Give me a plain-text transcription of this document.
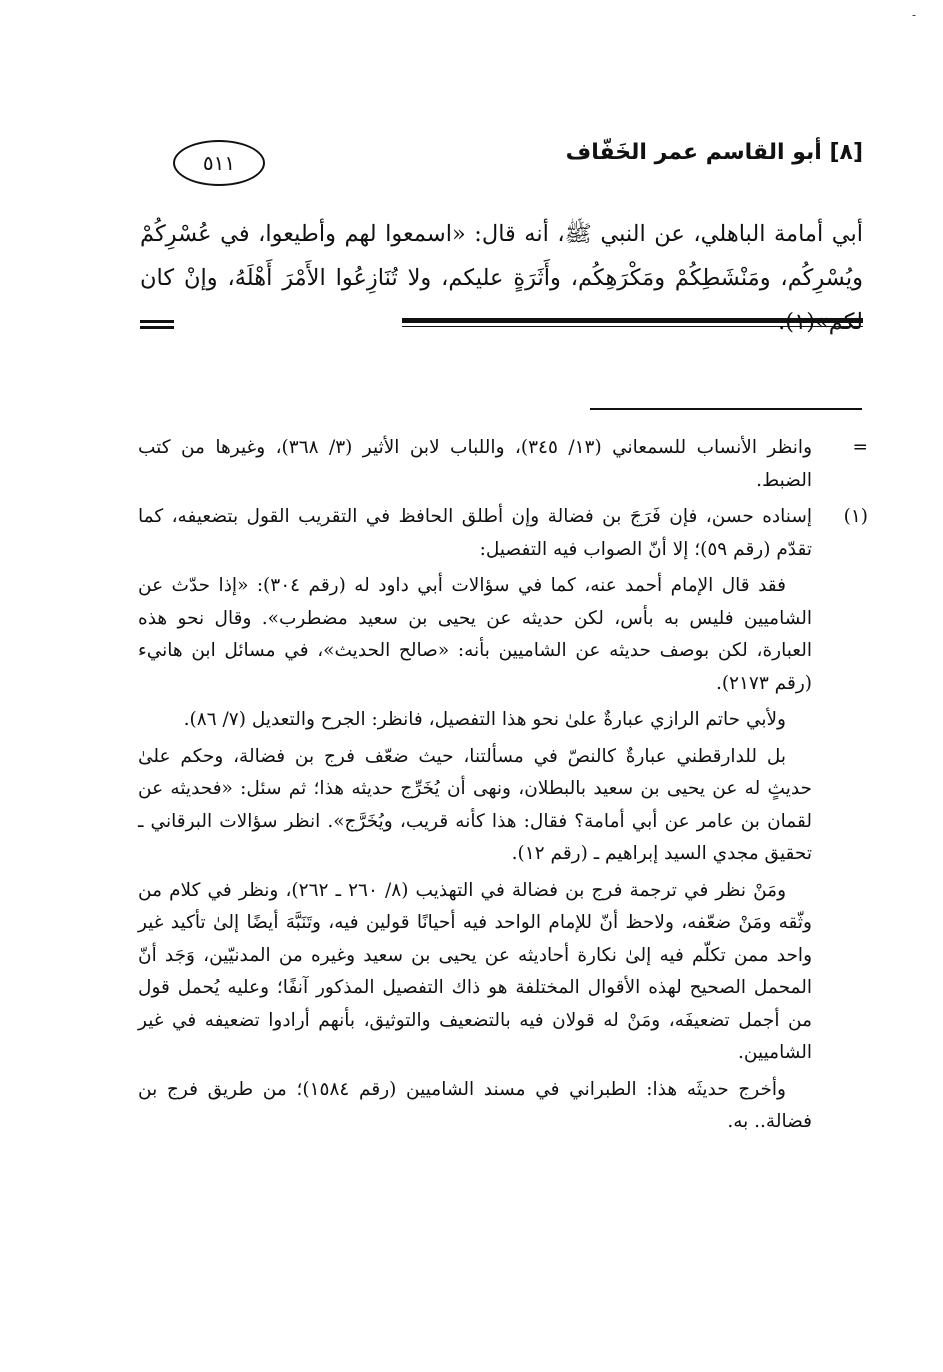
-
[٨] أبو القاسم عمر الخَفّاف
٥١١
أبي أمامة الباهلي، عن النبي ﷺ، أنه قال: «اسمعوا لهم وأطيعوا، في عُسْرِكُمْ ويُسْرِكُم، ومَنْشَطِكُمْ ومَكْرَهِكُم، وأَثَرَةٍ عليكم، ولا تُنَازِعُوا الأَمْرَ أَهْلَهُ، وإنْ كان لكم»(١).
=

وانظر الأنساب للسمعاني (١٣/ ٣٤٥)، واللباب لابن الأثير (٣/ ٣٦٨)، وغيرها من كتب الضبط.

(١)

إسناده حسن، فإن فَرَجَ بن فضالة وإن أطلق الحافظ في التقريب القول بتضعيفه، كما تقدّم (رقم ٥٩)؛ إلا أنّ الصواب فيه التفصيل:

فقد قال الإمام أحمد عنه، كما في سؤالات أبي داود له (رقم ٣٠٤): «إذا حدّث عن الشاميين فليس به بأس، لكن حديثه عن يحيى بن سعيد مضطرب». وقال نحو هذه العبارة، لكن بوصف حديثه عن الشاميين بأنه: «صالح الحديث»، في مسائل ابن هانيء (رقم ٢١٧٣).

ولأبي حاتم الرازي عبارةٌ علىٰ نحو هذا التفصيل، فانظر: الجرح والتعديل (٧/ ٨٦).

بل للدارقطني عبارةٌ كالنصّ في مسألتنا، حيث ضعّف فرج بن فضالة، وحكم علىٰ حديثٍ له عن يحيى بن سعيد بالبطلان، ونهى أن يُخَرِّج حديثه هذا؛ ثم سئل: «فحديثه عن لقمان بن عامر عن أبي أمامة؟ فقال: هذا كأنه قريب، ويُخَرَّج». انظر سؤالات البرقاني ـ تحقيق مجدي السيد إبراهيم ـ (رقم ١٢).

ومَنْ نظر في ترجمة فرج بن فضالة في التهذيب (٨/ ٢٦٠ ـ ٢٦٢)، ونظر في كلام من وثّقه ومَنْ ضعّفه، ولاحظ أنّ للإمام الواحد فيه أحيانًا قولين فيه، وتَنَبَّهَ أيضًا إلىٰ تأكيد غير واحد ممن تكلّم فيه إلىٰ نكارة أحاديثه عن يحيى بن سعيد وغيره من المدنيّين، وَجَد أنّ المحمل الصحيح لهذه الأقوال المختلفة هو ذاك التفصيل المذكور آنفًا؛ وعليه يُحمل قول من أجمل تضعيفَه، ومَنْ له قولان فيه بالتضعيف والتوثيق، بأنهم أرادوا تضعيفه في غير الشاميين.

وأخرج حديثَه هذا: الطبراني في مسند الشاميين (رقم ١٥٨٤)؛ من طريق فرج بن فضالة.. به.
